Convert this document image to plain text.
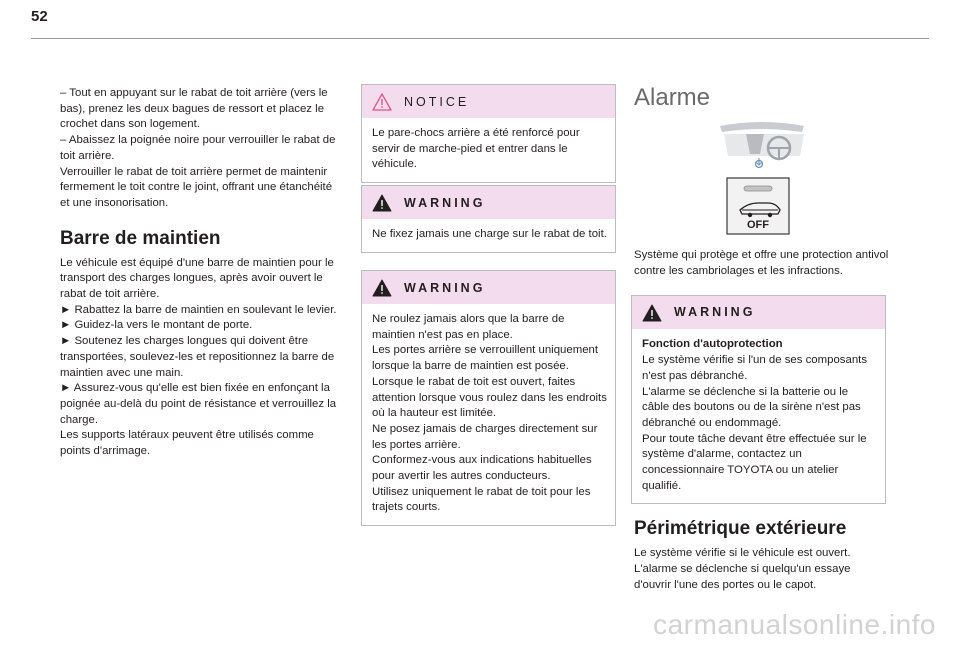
52

– Tout en appuyant sur le rabat de toit arrière (vers le bas), prenez les deux bagues de ressort et placez le crochet dans son logement.

– Abaissez la poignée noire pour verrouiller le rabat de toit arrière.

Verrouiller le rabat de toit arrière permet de maintenir fermement le toit contre le joint, offrant une étanchéité et une insonorisation.

Barre de maintien

Le véhicule est équipé d'une barre de maintien pour le transport des charges longues, après avoir ouvert le rabat de toit arrière.

► Rabattez la barre de maintien en soulevant le levier.

► Guidez-la vers le montant de porte.

► Soutenez les charges longues qui doivent être transportées, soulevez-les et repositionnez la barre de maintien avec une main.

► Assurez-vous qu'elle est bien fixée en enfonçant la poignée au-delà du point de résistance et verrouillez la charge.

Les supports latéraux peuvent être utilisés comme points d'arrimage.

NOTICE

Le pare-chocs arrière a été renforcé pour servir de marche-pied et entrer dans le véhicule.

WARNING

Ne fixez jamais une charge sur le rabat de toit.

WARNING

Ne roulez jamais alors que la barre de maintien n'est pas en place.

Les portes arrière se verrouillent uniquement lorsque la barre de maintien est posée.

Lorsque le rabat de toit est ouvert, faites attention lorsque vous roulez dans les endroits où la hauteur est limitée.

Ne posez jamais de charges directement sur les portes arrière.

Conformez-vous aux indications habituelles pour avertir les autres conducteurs.

Utilisez uniquement le rabat de toit pour les trajets courts.

Alarme
OFF

Système qui protège et offre une protection antivol contre les cambriolages et les infractions.

WARNING

Fonction d'autoprotection

Le système vérifie si l'un de ses composants n'est pas débranché.

L'alarme se déclenche si la batterie ou le câble des boutons ou de la sirène n'est pas débranché ou endommagé.

Pour toute tâche devant être effectuée sur le système d'alarme, contactez un concessionnaire TOYOTA ou un atelier qualifié.

Périmétrique extérieure

Le système vérifie si le véhicule est ouvert. L'alarme se déclenche si quelqu'un essaye d'ouvrir l'une des portes ou le capot.

carmanualsonline.info
